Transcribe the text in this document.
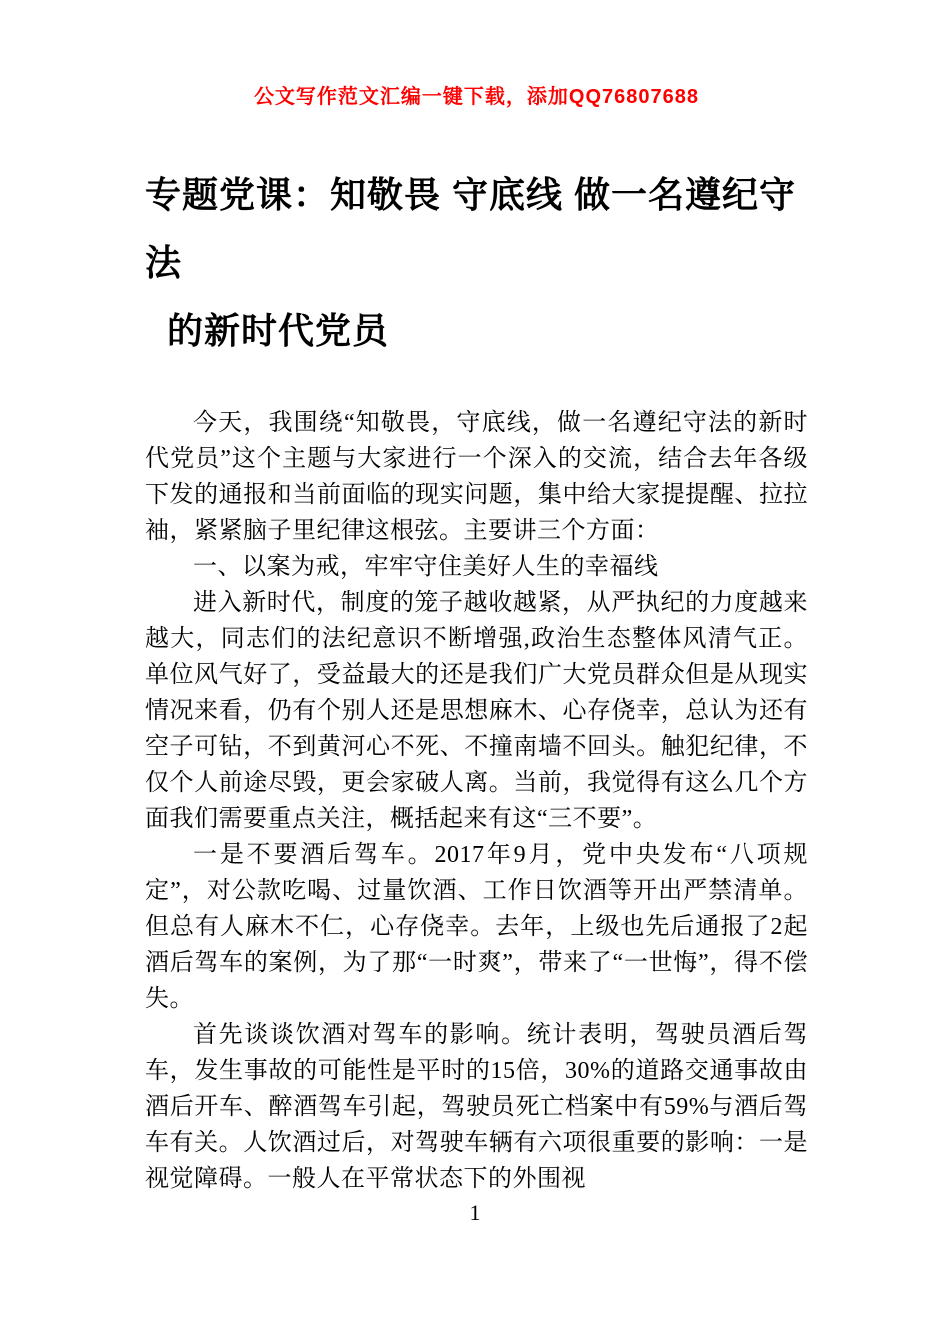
公文写作范文汇编一键下载，添加QQ76807688
专题党课：知敬畏 守底线 做一名遵纪守法
的新时代党员

今天，我围绕“知敬畏，守底线，做一名遵纪守法的新时代党员”这个主题与大家进行一个深入的交流，结合去年各级下发的通报和当前面临的现实问题，集中给大家提提醒、拉拉袖，紧紧脑子里纪律这根弦。主要讲三个方面：

一、以案为戒，牢牢守住美好人生的幸福线

进入新时代，制度的笼子越收越紧，从严执纪的力度越来越大，同志们的法纪意识不断增强,政治生态整体风清气正。单位风气好了，受益最大的还是我们广大党员群众但是从现实情况来看，仍有个别人还是思想麻木、心存侥幸，总认为还有空子可钻，不到黄河心不死、不撞南墙不回头。触犯纪律，不仅个人前途尽毁，更会家破人离。当前，我觉得有这么几个方面我们需要重点关注，概括起来有这“三不要”。

一是不要酒后驾车。2017年9月，党中央发布“八项规定”，对公款吃喝、过量饮酒、工作日饮酒等开出严禁清单。但总有人麻木不仁，心存侥幸。去年，上级也先后通报了2起酒后驾车的案例，为了那“一时爽”，带来了“一世悔”，得不偿失。

首先谈谈饮酒对驾车的影响。统计表明，驾驶员酒后驾车，发生事故的可能性是平时的15倍，30%的道路交通事故由酒后开车、醉酒驾车引起，驾驶员死亡档案中有59%与酒后驾车有关。人饮酒过后，对驾驶车辆有六项很重要的影响：一是视觉障碍。一般人在平常状态下的外围视

1
